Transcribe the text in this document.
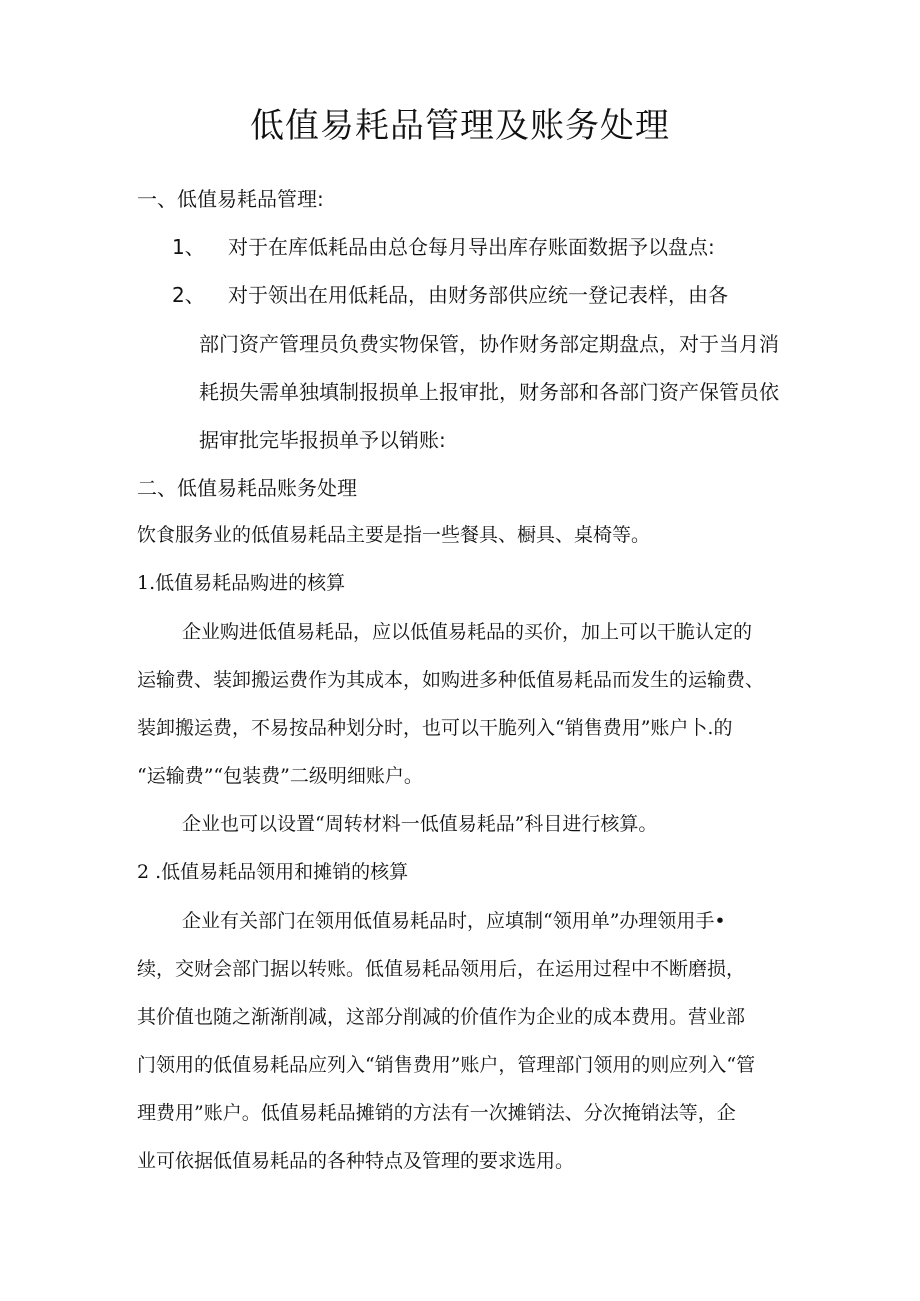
低值易耗品管理及账务处理
一、低值易耗品管理:
1、 对于在库低耗品由总仓每月导出库存账面数据予以盘点:
2、 对于领出在用低耗品，由财务部供应统一登记表样，由各
部门资产管理员负费实物保管，协作财务部定期盘点，对于当月消
耗损失需单独填制报损单上报审批，财务部和各部门资产保管员依
据审批完毕报损单予以销账:
二、低值易耗品账务处理
饮食服务业的低值易耗品主要是指一些餐具、橱具、桌椅等。
1.低值易耗品购进的核算
企业购进低值易耗品，应以低值易耗品的买价，加上可以干脆认定的
运输费、装卸搬运费作为其成本，如购进多种低值易耗品而发生的运输费、
装卸搬运费，不易按品种划分时，也可以干脆列入“销售费用”账户卜.的
“运输费”“包装费”二级明细账户。
企业也可以设置“周转材料一低值易耗品”科目进行核算。
2 .低值易耗品领用和摊销的核算
企业有关部门在领用低值易耗品时，应填制“领用单”办理领用手•
续，交财会部门据以转账。低值易耗品领用后，在运用过程中不断磨损，
其价值也随之渐渐削减，这部分削减的价值作为企业的成本费用。营业部
门领用的低值易耗品应列入“销售费用”账户，管理部门领用的则应列入“管
理费用”账户。低值易耗品摊销的方法有一次摊销法、分次掩销法等，企
业可依据低值易耗品的各种特点及管理的要求选用。
